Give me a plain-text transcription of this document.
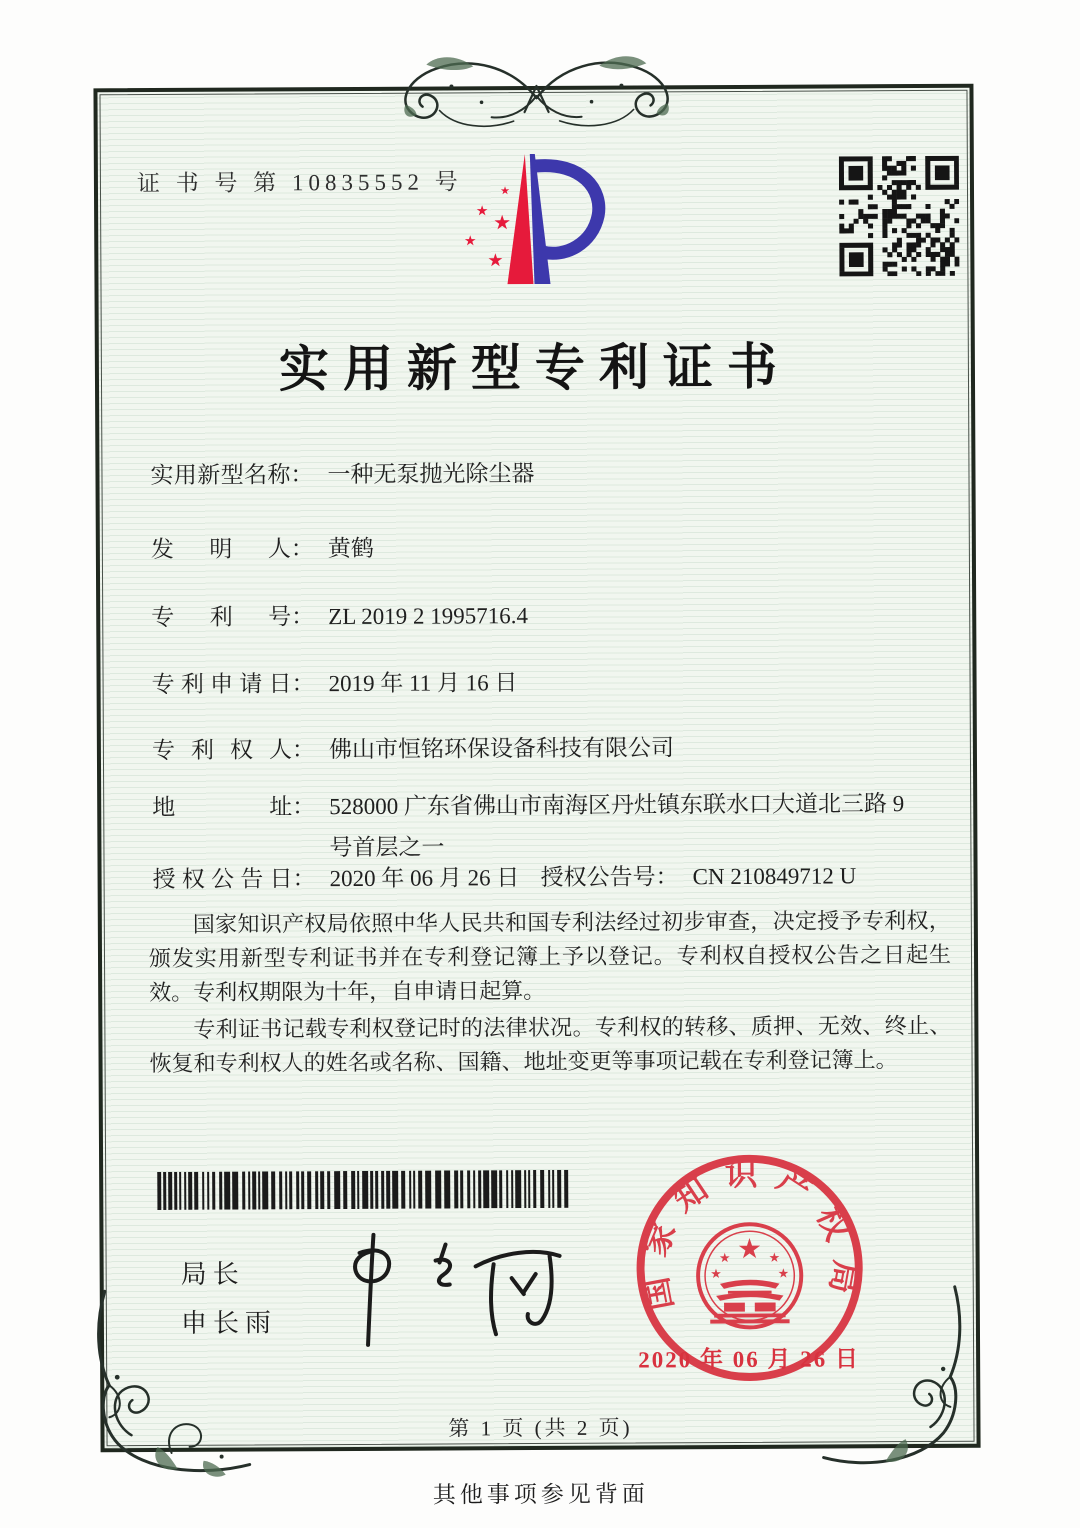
证 书 号 第 10835552 号	★
★ ★
★
★
实用新型专利证书
实用新型名称： 一种无泵抛光除尘器
发明人： 黄鹤
专利号： ZL 2019 2 1995716.4
专利申请日： 2019 年 11 月 16 日
专利权人： 佛山市恒铭环保设备科技有限公司
地址： 528000 广东省佛山市南海区丹灶镇东联水口大道北三路 9 号首层之一
授权公告日： 2020 年 06 月 26 日 授权公告号： CN 210849712 U

国家知识产权局依照中华人民共和国专利法经过初步审查，决定授予专利权，颁发实用新型专利证书并在专利登记簿上予以登记。专利权自授权公告之日起生效。专利权期限为十年，自申请日起算。

专利证书记载专利权登记时的法律状况。专利权的转移、质押、无效、终止、恢复和专利权人的姓名或名称、国籍、地址变更等事项记载在专利登记簿上。

局长
申长雨
国家知识产权局
★
★	★
★	★
2020 年 06 月 26 日
第 1 页 (共 2 页)
其他事项参见背面
